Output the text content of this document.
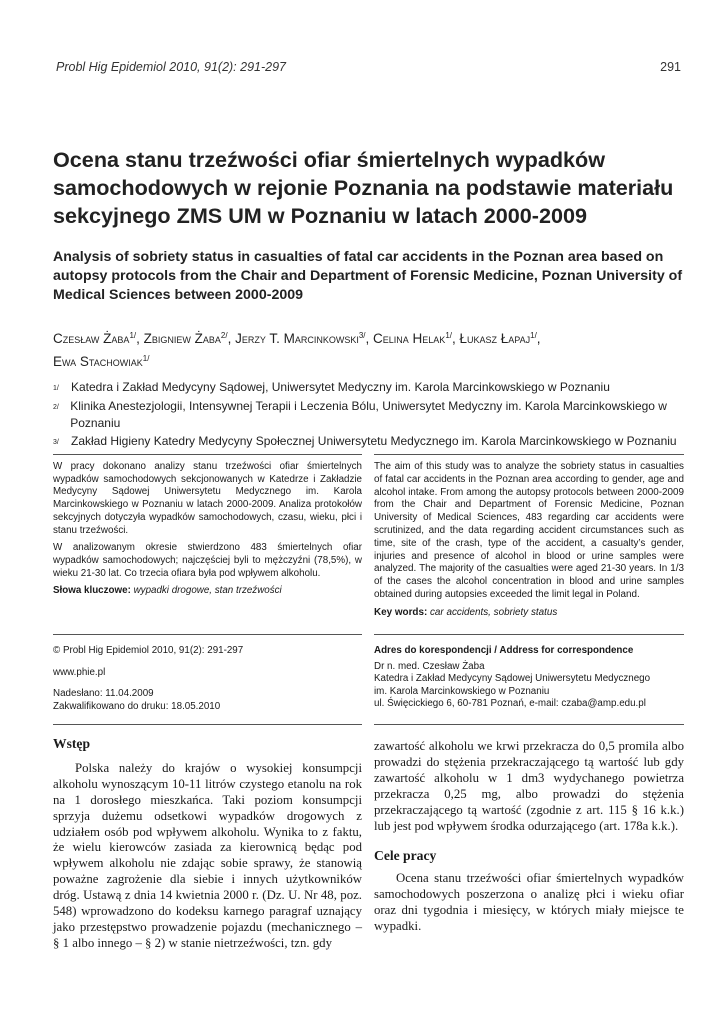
Probl Hig Epidemiol 2010, 91(2): 291-297	291
Ocena stanu trzeźwości ofiar śmiertelnych wypadków samochodowych w rejonie Poznania na podstawie materiału sekcyjnego ZMS UM w Poznaniu w latach 2000-2009
Analysis of sobriety status in casualties of fatal car accidents in the Poznan area based on autopsy protocols from the Chair and Department of Forensic Medicine, Poznan University of Medical Sciences between 2000-2009
Czesław Żaba$^{1/}$, Zbigniew Żaba$^{2/}$, Jerzy T. Marcinkowski$^{3/}$, Celina Helak$^{1/}$, Łukasz Łapaj$^{1/}$,
Ewa Stachowiak$^{1/}$
1/	Katedra i Zakład Medycyny Sądowej, Uniwersytet Medyczny im. Karola Marcinkowskiego w Poznaniu
2/ Klinika Anestezjologii, Intensywnej Terapii i Leczenia Bólu, Uniwersytet Medyczny im. Karola Marcinkowskiego w Poznaniu
3/	Zakład Higieny Katedry Medycyny Społecznej Uniwersytetu Medycznego im. Karola Marcinkowskiego w Poznaniu

W pracy dokonano analizy stanu trzeźwości ofiar śmiertelnych wypadków samochodowych sekcjonowanych w Katedrze i Zakładzie Medycyny Sądowej Uniwersytetu Medycznego im. Karola Marcinkowskiego w Poznaniu w latach 2000-2009. Analiza protokołów sekcyjnych dotyczyła wypadków samochodowych, czasu, wieku, płci i stanu trzeźwości.

W analizowanym okresie stwierdzono 483 śmiertelnych ofiar wypadków samochodowych; najczęściej byli to mężczyźni (78,5%), w wieku 21-30 lat. Co trzecia ofiara była pod wpływem alkoholu.

Słowa kluczowe: wypadki drogowe, stan trzeźwości

The aim of this study was to analyze the sobriety status in casualties of fatal car accidents in the Poznan area according to gender, age and alcohol intake. From among the autopsy protocols between 2000-2009 from the Chair and Department of Forensic Medicine, Poznan University of Medical Sciences, 483 regarding car accidents were scrutinized, and the data regarding accident circumstances such as time, site of the crash, type of the accident, a casualty’s gender, injuries and presence of alcohol in blood or urine samples were analyzed. The majority of the casualties were aged 21-30 years. In 1/3 of the cases the alcohol concentration in blood and urine samples obtained during autopsies exceeded the limit legal in Poland.

Key words: car accidents, sobriety status

© Probl Hig Epidemiol 2010, 91(2): 291-297

www.phie.pl

Nadesłano: 11.04.2009

Zakwalifikowano do druku: 18.05.2010

Adres do korespondencji / Address for correspondence
Dr n. med. Czesław Żaba
Katedra i Zakład Medycyny Sądowej Uniwersytetu Medycznego
im. Karola Marcinkowskiego w Poznaniu
ul. Święcickiego 6, 60-781 Poznań, e-mail: czaba@amp.edu.pl
Wstęp

Polska należy do krajów o wysokiej konsumpcji alkoholu wynoszącym 10-11 litrów czystego etanolu na rok na 1 dorosłego mieszkańca. Taki poziom konsumpcji sprzyja dużemu odsetkowi wypadków drogowych z udziałem osób pod wpływem alkoholu. Wynika to z faktu, że wielu kierowców zasiada za kierownicą będąc pod wpływem alkoholu nie zdając sobie sprawy, że stanowią poważne zagrożenie dla siebie i innych użytkowników dróg. Ustawą z dnia 14 kwietnia 2000 r. (Dz. U. Nr 48, poz. 548) wprowadzono do kodeksu karnego paragraf uznający jako przestępstwo prowadzenie pojazdu (mechanicznego – § 1 albo innego – § 2) w stanie nietrzeźwości, tzn. gdy

zawartość alkoholu we krwi przekracza do 0,5 promila albo prowadzi do stężenia przekraczającego tą wartość lub gdy zawartość alkoholu w 1 dm3 wydychanego powietrza przekracza 0,25 mg, albo prowadzi do stężenia przekraczającego tą wartość (zgodnie z art. 115 § 16 k.k.) lub jest pod wpływem środka odurzającego (art. 178a k.k.).

Cele pracy

Ocena stanu trzeźwości ofiar śmiertelnych wypadków samochodowych poszerzona o analizę płci i wieku ofiar oraz dni tygodnia i miesięcy, w których miały miejsce te wypadki.
